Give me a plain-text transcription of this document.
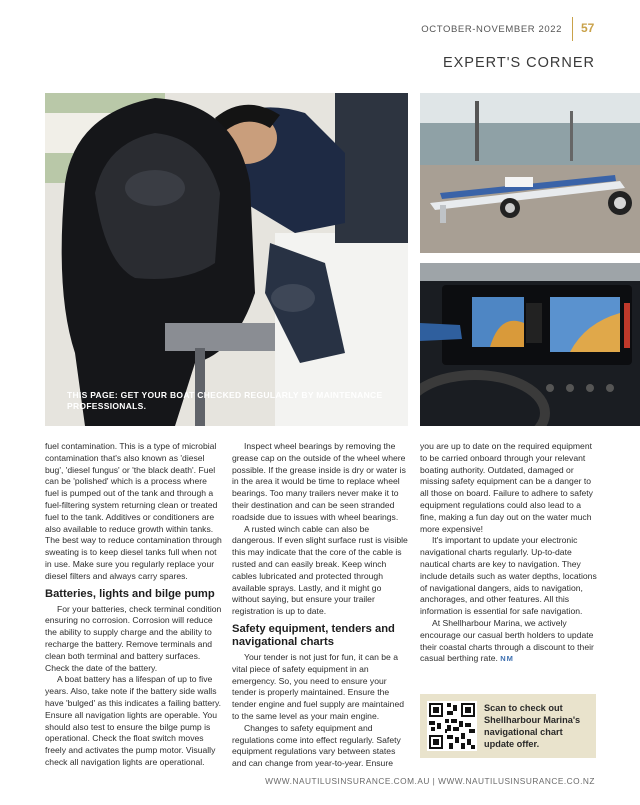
OCTOBER-NOVEMBER 2022 57
EXPERT'S CORNER
THIS PAGE: GET YOUR BOAT CHECKED REGULARLY BY MAINTENANCE PROFESSIONALS.

fuel contamination. This is a type of microbial contamination that's also known as 'diesel bug', 'diesel fungus' or 'the black death'. Fuel can be 'polished' which is a process where fuel is pumped out of the tank and through a fuel-filtering system returning clean or treated fuel to the tank. Additives or conditioners are also available to reduce growth within tanks. The best way to reduce contamination through sweating is to keep diesel tanks full when not in use. Make sure you regularly replace your diesel filters and always carry spares.

Batteries, lights and bilge pump

For your batteries, check terminal condition ensuring no corrosion. Corrosion will reduce the ability to supply charge and the ability to recharge the battery. Remove terminals and clean both terminal and battery surfaces. Check the date of the battery.

A boat battery has a lifespan of up to five years. Also, take note if the battery side walls have 'bulged' as this indicates a failing battery. Ensure all navigation lights are operable. You should also test to ensure the bilge pump is operational. Check the float switch moves freely and activates the pump motor. Visually check all navigation lights are operational.

Inspect wheel bearings by removing the grease cap on the outside of the wheel where possible. If the grease inside is dry or water is in the area it would be time to replace wheel bearings. Too many trailers never make it to their destination and can be seen stranded roadside due to issues with wheel bearings.

A rusted winch cable can also be dangerous. If even slight surface rust is visible this may indicate that the core of the cable is rusted and can easily break. Keep winch cables lubricated and protected through available sprays. Lastly, and it might go without saying, but ensure your trailer registration is up to date.

Safety equipment, tenders and navigational charts

Your tender is not just for fun, it can be a vital piece of safety equipment in an emergency. So, you need to ensure your tender is properly maintained. Ensure the tender engine and fuel supply are maintained to the same level as your main engine.

Changes to safety equipment and regulations come into effect regularly. Safety equipment regulations vary between states and can change from year-to-year. Ensure

you are up to date on the required equipment to be carried onboard through your relevant boating authority. Outdated, damaged or missing safety equipment can be a danger to all those on board. Failure to adhere to safety equipment regulations could also lead to a fine, making a fun day out on the water much more expensive!

It's important to update your electronic navigational charts regularly. Up-to-date nautical charts are key to navigation. They include details such as water depths, locations of navigational dangers, aids to navigation, anchorages, and other features. All this information is essential for safe navigation.

At Shellharbour Marina, we actively encourage our casual berth holders to update their coastal charts through a discount to their casual berthing rate. NM

Scan to check out Shellharbour Marina's navigational chart update offer.
WWW.NAUTILUSINSURANCE.COM.AU | WWW.NAUTILUSINSURANCE.CO.NZ
